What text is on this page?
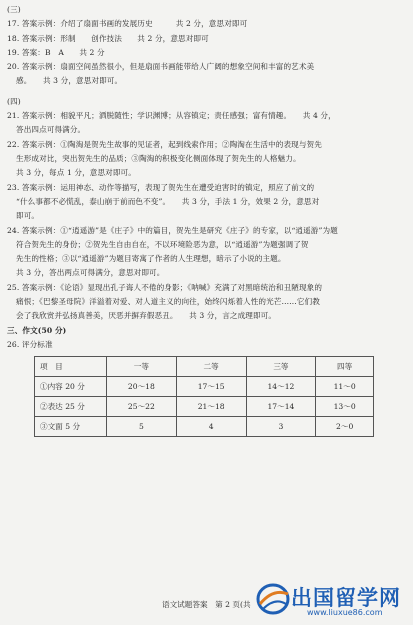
(三)
17. 答案示例：介绍了扇面书画的发展历史　　　共 2 分，意思对即可
18. 答案示例：形制　　创作技法　　共 2 分，意思对即可
19. 答案：B　A　　共 2 分
20. 答案示例：扇面空间虽然很小，但是扇面书画能带给人广阔的想象空间和丰富的艺术美
感。　　共 3 分，意思对即可。
(四)
21. 答案示例：相貌平凡；洒脱随性；学识渊博；从容镇定；责任感强；富有情趣。　　共 4 分，
答出四点可得满分。
22. 答案示例：①陶淘是贺先生故事的见证者，起到线索作用；②陶淘在生活中的表现与贺先
生形成对比，突出贺先生的品质；③陶淘的积极变化侧面体现了贺先生的人格魅力。
共 3 分，每点 1 分，意思对即可。
23. 答案示例：运用神态、动作等描写，表现了贺先生在遭受迫害时的镇定，照应了前文的
“什么事都不必慌乱，泰山崩于前而色不变”。　　共 3 分，手法 1 分，效果 2 分，意思对
即可。
24. 答案示例：①“逍遥游”是《庄子》中的篇目，贺先生是研究《庄子》的专家，以“逍遥游”为题
符合贺先生的身份；②贺先生自由自在，不以环境险恶为意，以“逍遥游”为题强调了贺
先生的性格；③以“逍遥游”为题目寄寓了作者的人生理想，暗示了小说的主题。
共 3 分，答出两点可得满分，意思对即可。
25. 答案示例：《论语》显现出孔子诲人不倦的身影；《呐喊》充满了对黑暗统治和丑陋现象的
痛恨；《巴黎圣母院》洋溢着对爱、对人道主义的向往，始终闪烁着人性的光芒……它们教
会了我欣赏并弘扬真善美，厌恶并摒弃假恶丑。　　共 3 分，言之成理即可。
三、作文(50 分)
26. 评分标准
项　目	一等	二等	三等	四等
①内容 20 分	20～18	17～15	14～12	11～0
②表达 25 分	25～22	21～18	17～14	13～0
③文面 5 分	5	4	3	2～0
语文试题答案　第 2 页(共 出国留学网
www.liuxue86.com
